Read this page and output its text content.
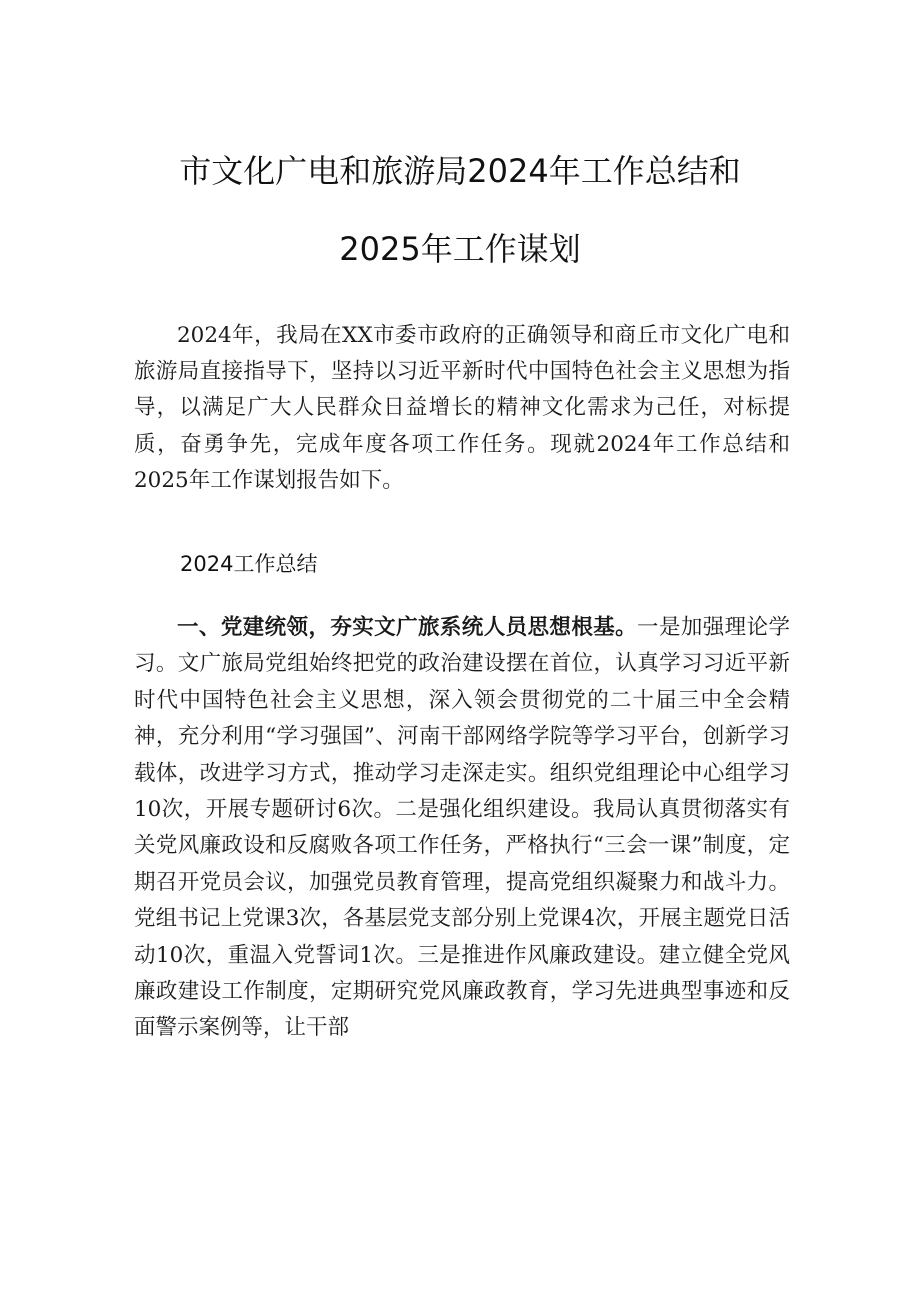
市文化广电和旅游局2024年工作总结和
2025年工作谋划

2024年，我局在XX市委市政府的正确领导和商丘市文化广电和旅游局直接指导下，坚持以习近平新时代中国特色社会主义思想为指导，以满足广大人民群众日益增长的精神文化需求为己任，对标提质，奋勇争先，完成年度各项工作任务。现就2024年工作总结和2025年工作谋划报告如下。

2024工作总结

一、党建统领，夯实文广旅系统人员思想根基。一是加强理论学习。文广旅局党组始终把党的政治建设摆在首位，认真学习习近平新时代中国特色社会主义思想，深入领会贯彻党的二十届三中全会精神，充分利用“学习强国”、河南干部网络学院等学习平台，创新学习载体，改进学习方式，推动学习走深走实。组织党组理论中心组学习10次，开展专题研讨6次。二是强化组织建设。我局认真贯彻落实有关党风廉政设和反腐败各项工作任务，严格执行“三会一课”制度，定期召开党员会议，加强党员教育管理，提高党组织凝聚力和战斗力。党组书记上党课3次，各基层党支部分别上党课4次，开展主题党日活动10次，重温入党誓词1次。三是推进作风廉政建设。建立健全党风廉政建设工作制度，定期研究党风廉政教育，学习先进典型事迹和反面警示案例等，让干部
